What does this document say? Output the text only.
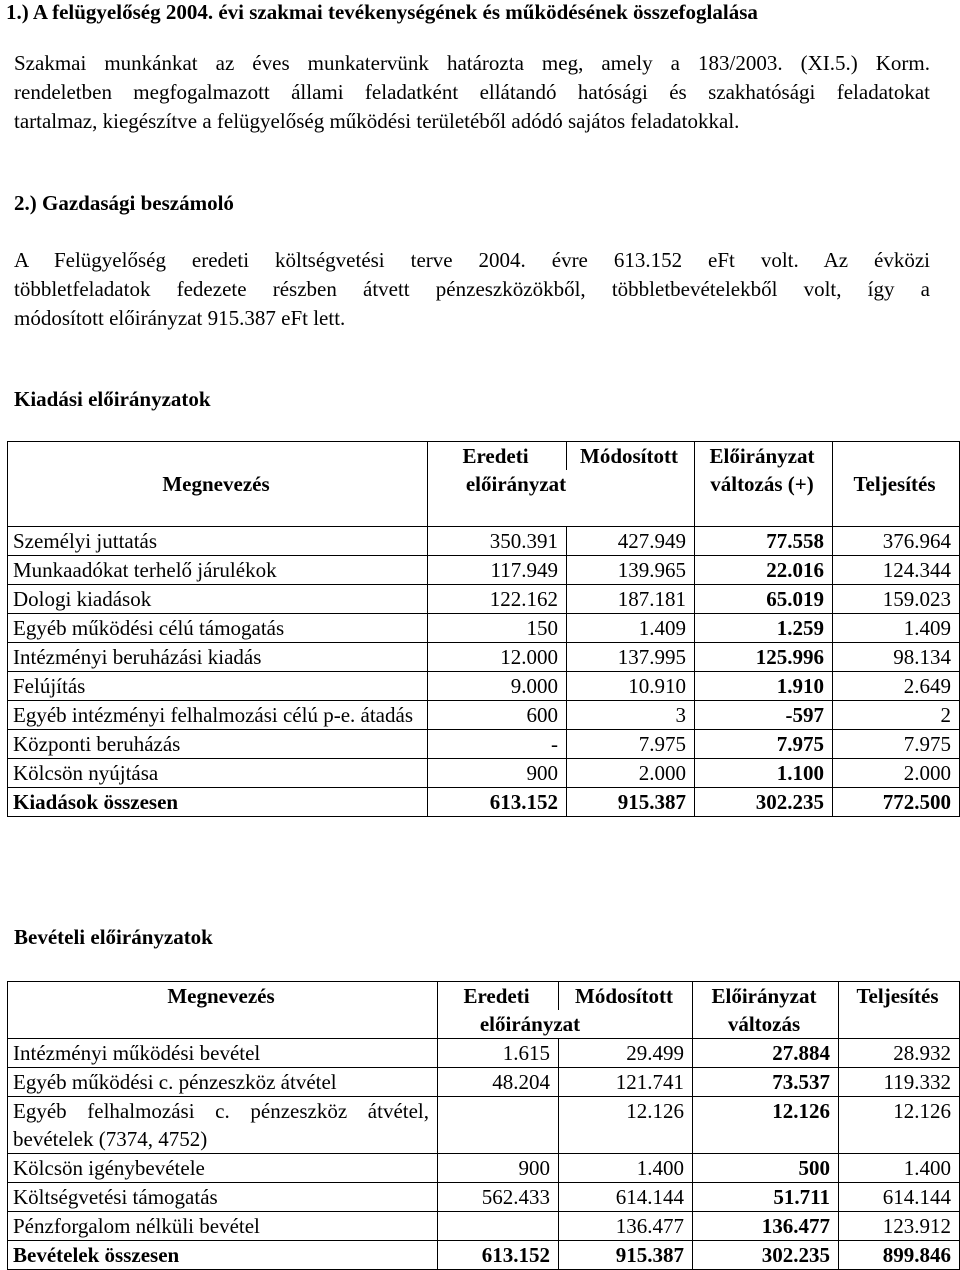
1.) A felügyelőség 2004. évi szakmai tevékenységének és működésének összefoglalása
Szakmai munkánkat az éves munkatervünk határozta meg, amely a 183/2003. (XI.5.) Korm.
rendeletben megfogalmazott állami feladatként ellátandó hatósági és szakhatósági feladatokat
tartalmaz, kiegészítve a felügyelőség működési területéből adódó sajátos feladatokkal.
2.) Gazdasági beszámoló
A Felügyelőség eredeti költségvetési terve 2004. évre 613.152 eFt volt. Az évközi
többletfeladatok fedezete részben átvett pénzeszközökből, többletbevételekből volt, így a
módosított előirányzat 915.387 eFt lett.
Kiadási előirányzatok
Megnevezés	Eredeti	Módosított	Előirányzat változás (+)	Teljesítés
	előirányzat			
Személyi juttatás	350.391	427.949	77.558	376.964
Munkaadókat terhelő járulékok	117.949	139.965	22.016	124.344
Dologi kiadások	122.162	187.181	65.019	159.023
Egyéb működési célú támogatás	150	1.409	1.259	1.409
Intézményi beruházási kiadás	12.000	137.995	125.996	98.134
Felújítás	9.000	10.910	1.910	2.649
Egyéb intézményi felhalmozási célú p-e. átadás	600	3	-597	2
Központi beruházás	-	7.975	7.975	7.975
Kölcsön nyújtása	900	2.000	1.100	2.000
Kiadások összesen	613.152	915.387	302.235	772.500
Bevételi előirányzatok
Megnevezés	Eredeti	Módosított	Előirányzat változás	Teljesítés
	előirányzat			
Intézményi működési bevétel	1.615	29.499	27.884	28.932
Egyéb működési c. pénzeszköz átvétel	48.204	121.741	73.537	119.332
Egyéb felhalmozási c. pénzeszköz átvétel, bevételek (7374, 4752)		12.126	12.126	12.126
Kölcsön igénybevétele	900	1.400	500	1.400
Költségvetési támogatás	562.433	614.144	51.711	614.144
Pénzforgalom nélküli bevétel		136.477	136.477	123.912
Bevételek összesen	613.152	915.387	302.235	899.846
